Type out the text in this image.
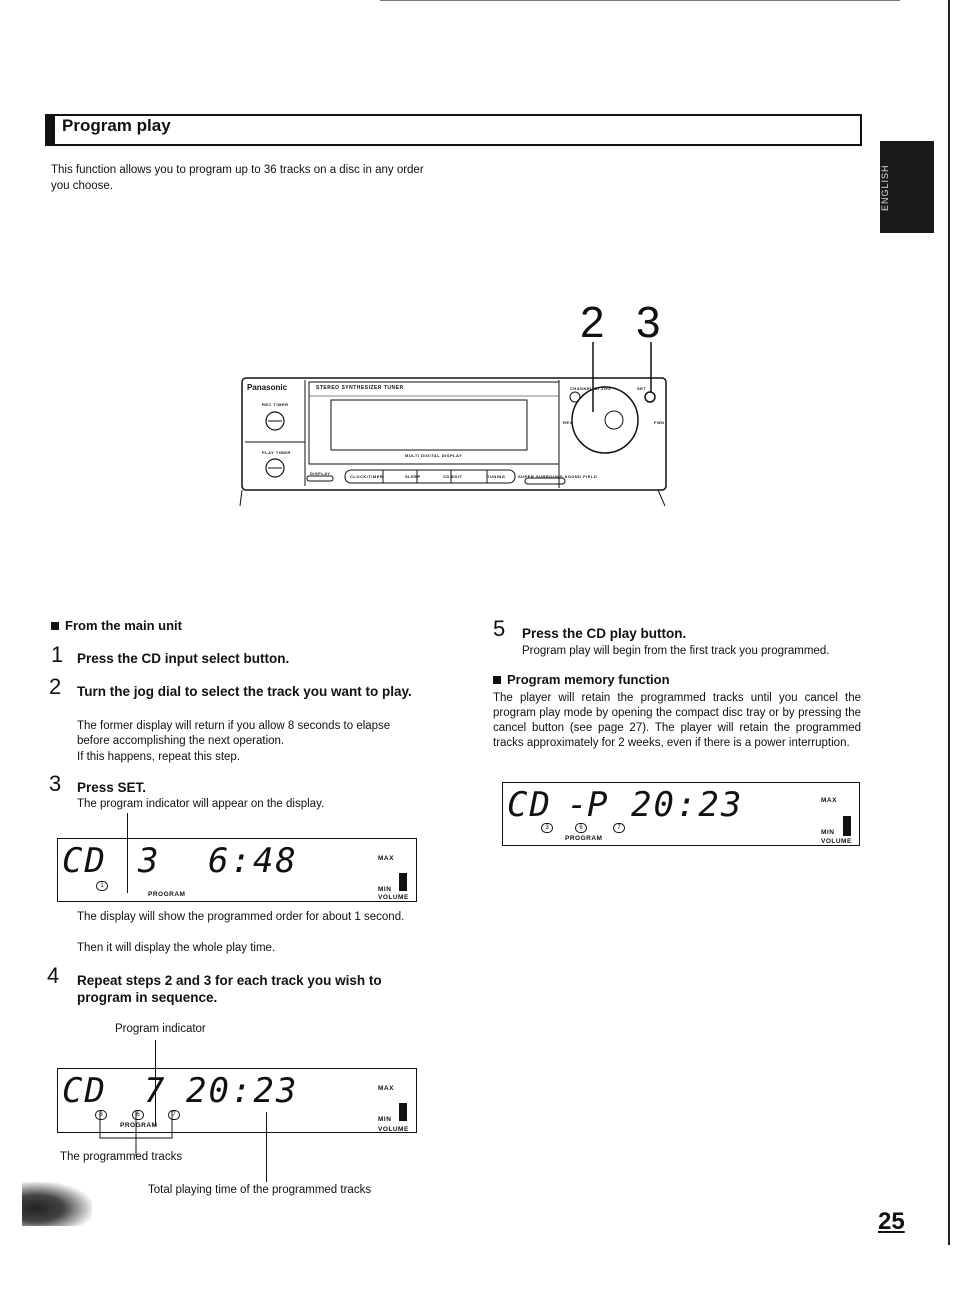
Program play
This function allows you to program up to 36 tracks on a disc in any order you choose.	ENGLISH
2 3
Panasonic	STEREO SYNTHESIZER TUNER
REC TIMER
PLAY TIMER
MULTI DIGITAL DISPLAY
DISPLAY
CLOCK/TIMER	SLEEP	CD EDIT	TUNING	SUPER SURROUND SOUND FIELD
CHANNEL AI JOG	SET
REV	FWD
From the main unit
1 Press the CD input select button.
2 Turn the jog dial to select the track you want to play.
The former display will return if you allow 8 seconds to elapse before accomplishing the next operation.
If this happens, repeat this step.
3 Press SET.
The program indicator will appear on the display.
CD 3 6:48
1
PROGRAM
MAX
MIN
VOLUME
The display will show the programmed order for about 1 second.
Then it will display the whole play time.
4 Repeat steps 2 and 3 for each track you wish to program in sequence.
Program indicator
CD 7 20:23
3	6	7
PROGRAM
MAX
MIN
VOLUME
The programmed tracks
Total playing time of the programmed tracks
5 Press the CD play button.
Program play will begin from the first track you programmed.
Program memory function
The player will retain the programmed tracks until you cancel the program play mode by opening the compact disc tray or by pressing the cancel button (see page 27). The player will retain the programmed tracks approximately for 2 weeks, even if there is a power interruption.
CD -
P 20:23
3	6	7
PROGRAM
MAX
MIN
VOLUME
25
